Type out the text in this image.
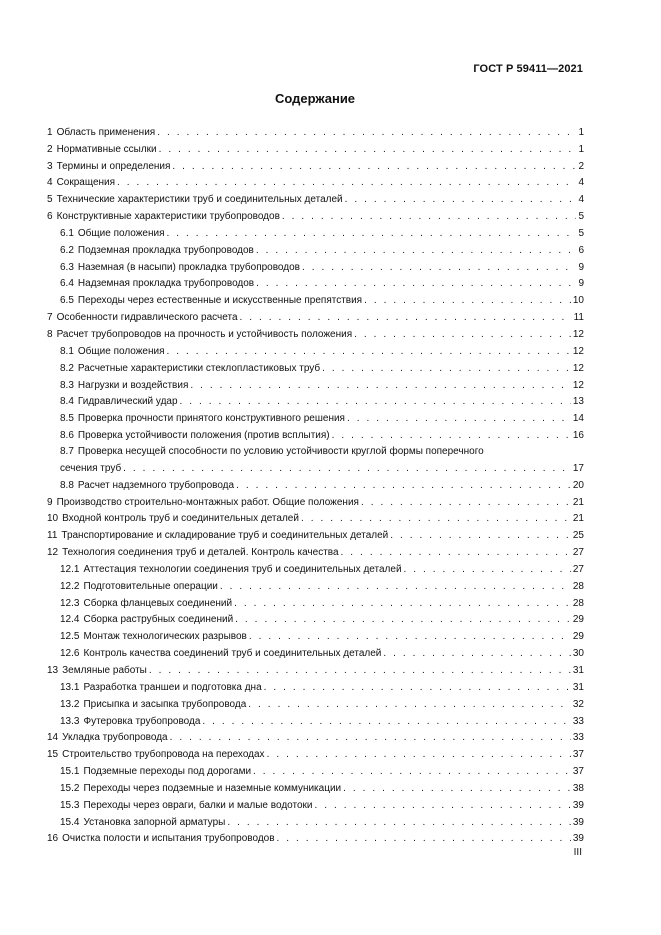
ГОСТ Р 59411—2021
Содержание
1 Область применения . . .	1
2 Нормативные ссылки . . .	1
3 Термины и определения . . .	2
4 Сокращения . . .	4
5 Технические характеристики труб и соединительных деталей . . .	4
6 Конструктивные характеристики трубопроводов . . .	5
6.1 Общие положения . . .	5
6.2 Подземная прокладка трубопроводов . . .	6
6.3 Наземная (в насыпи) прокладка трубопроводов . . .	9
6.4 Надземная прокладка трубопроводов . . .	9
6.5 Переходы через естественные и искусственные препятствия . . .	10
7 Особенности гидравлического расчета . . .	11
8 Расчет трубопроводов на прочность и устойчивость положения . . .	12
8.1 Общие положения . . .	12
8.2 Расчетные характеристики стеклопластиковых труб . . .	12
8.3 Нагрузки и воздействия . . .	12
8.4 Гидравлический удар . . .	13
8.5 Проверка прочности принятого конструктивного решения . . .	14
8.6 Проверка устойчивости положения (против всплытия) . . .	16
8.7 Проверка несущей способности по условию устойчивости круглой формы поперечного
сечения труб . . .	17
8.8 Расчет надземного трубопровода . . .	20
9 Производство строительно-монтажных работ. Общие положения . . .	21
10 Входной контроль труб и соединительных деталей . . .	21
11 Транспортирование и складирование труб и соединительных деталей . . .	25
12 Технология соединения труб и деталей. Контроль качества . . .	27
12.1 Аттестация технологии соединения труб и соединительных деталей . . .	27
12.2 Подготовительные операции . . .	28
12.3 Сборка фланцевых соединений . . .	28
12.4 Сборка раструбных соединений . . .	29
12.5 Монтаж технологических разрывов . . .	29
12.6 Контроль качества соединений труб и соединительных деталей . . .	30
13 Земляные работы . . .	31
13.1 Разработка траншеи и подготовка дна . . .	31
13.2 Присыпка и засыпка трубопровода . . .	32
13.3 Футеровка трубопровода . . .	33
14 Укладка трубопровода . . .	33
15 Строительство трубопровода на переходах . . .	37
15.1 Подземные переходы под дорогами . . .	37
15.2 Переходы через подземные и наземные коммуникации . . .	38
15.3 Переходы через овраги, балки и малые водотоки . . .	39
15.4 Установка запорной арматуры . . .	39
16 Очистка полости и испытания трубопроводов . . .	39
III
